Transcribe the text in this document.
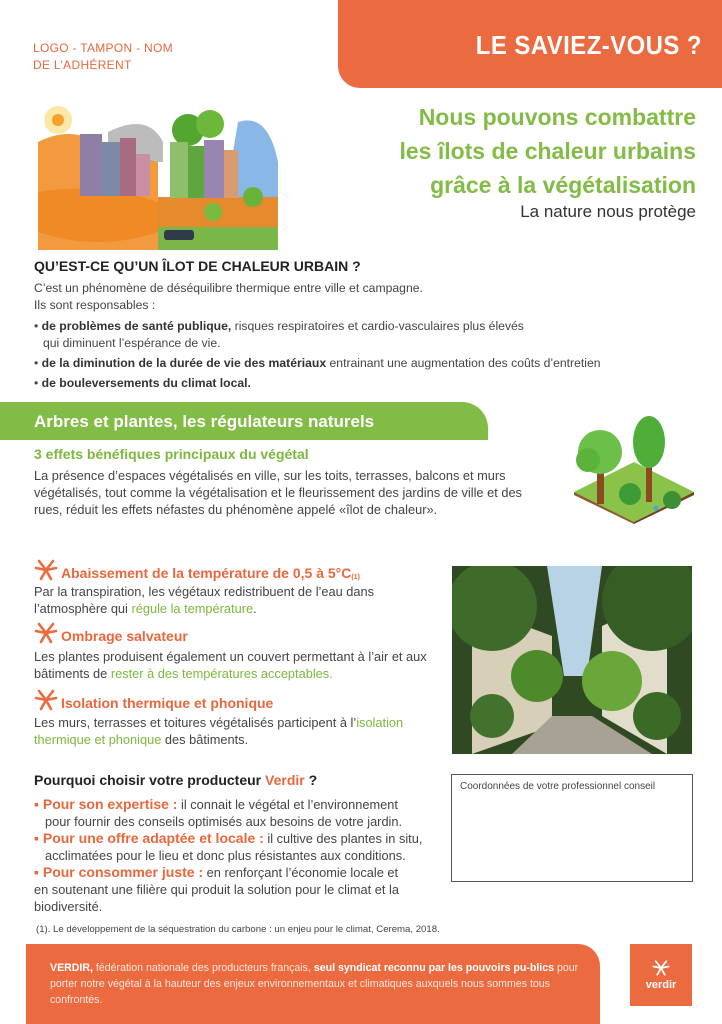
LE SAVIEZ-VOUS ?
LOGO - TAMPON - NOM
DE L’ADHÉRENT
Nous pouvons combattre
les îlots de chaleur urbains
grâce à la végétalisation
La nature nous protège
QU’EST-CE QU’UN ÎLOT DE CHALEUR URBAIN ?
C’est un phénomène de déséquilibre thermique entre ville et campagne.
Ils sont responsables :
• de problèmes de santé publique, risques respiratoires et cardio-vasculaires plus élevés
qui diminuent l’espérance de vie.
• de la diminution de la durée de vie des matériaux entrainant une augmentation des coûts d’entretien
• de bouleversements du climat local.
Arbres et plantes, les régulateurs naturels
3 effets bénéfiques principaux du végétal
La présence d’espaces végétalisés en ville, sur les toits, terrasses, balcons et murs végétalisés, tout comme la végétalisation et le fleurissement des jardins de ville et des rues, réduit les effets néfastes du phénomène appelé «îlot de chaleur».
Abaissement de la température de 0,5 à $5^\circ C_{(1)}$
Par la transpiration, les végétaux redistribuent de l’eau dans l’atmosphère qui régule la température.
Ombrage salvateur
Les plantes produisent également un couvert permettant à l’air et aux bâtiments de rester à des températures acceptables.
Isolation thermique et phonique
Les murs, terrasses et toitures végétalisés participent à l’isolation thermique et phonique des bâtiments.
Pourquoi choisir votre producteur Verdir ?
▪ Pour son expertise : il connait le végétal et l’environnement
pour fournir des conseils optimisés aux besoins de votre jardin.
▪ Pour une offre adaptée et locale : il cultive des plantes in situ,
acclimatées pour le lieu et donc plus résistantes aux conditions.
▪ Pour consommer juste : en renforçant l’économie locale et
en soutenant une filière qui produit la solution pour le climat et la biodiversité.
Coordonnées de votre professionnel conseil
(1). Le développement de la séquestration du carbone : un enjeu pour le climat, Cerema, 2018.
VERDIR, fédération nationale des producteurs français, seul syndicat reconnu par les pouvoirs pu-blics pour porter notre végétal à la hauteur des enjeux environnementaux et climatiques auxquels nous sommes tous confrontés.
verdir
